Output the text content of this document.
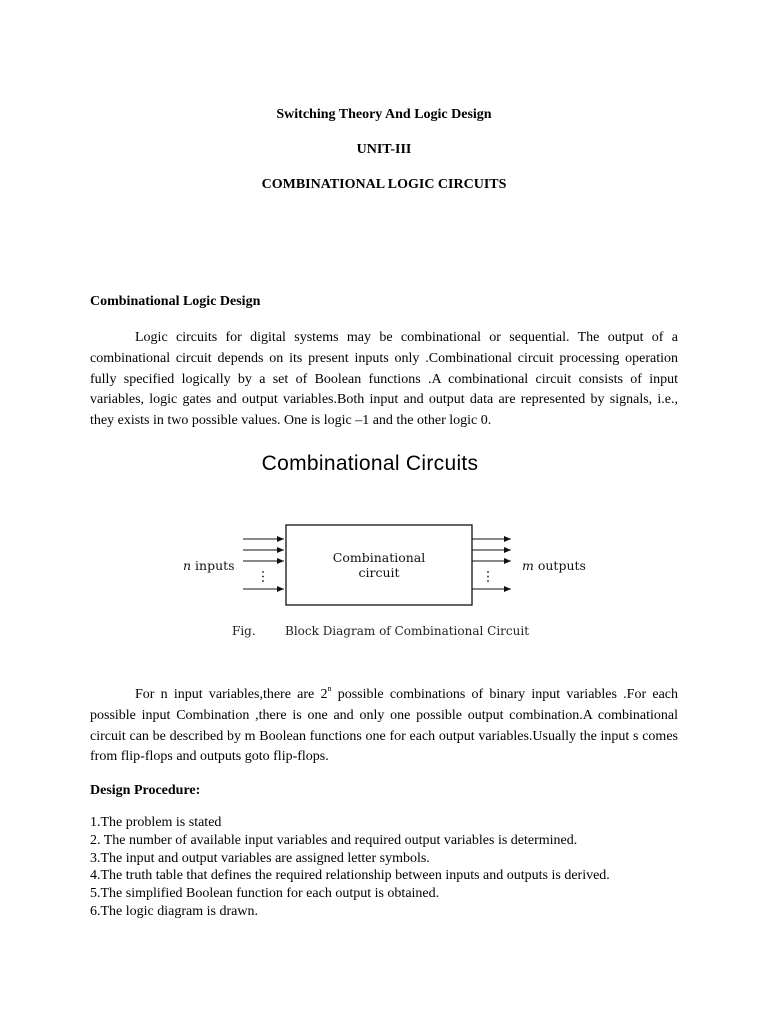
Switching Theory And Logic Design
UNIT-III
COMBINATIONAL LOGIC CIRCUITS
Combinational Logic Design
Logic circuits for digital systems may be combinational or sequential. The output of a combinational circuit depends on its present inputs only .Combinational circuit processing operation fully specified logically by a set of Boolean functions .A combinational circuit consists of input variables, logic gates and output variables.Both input and output data are represented by signals, i.e., they exists in two possible values. One is logic –1 and the other logic 0.
Combinational Circuits
Combinational
circuit
n inputs	m outputs
Fig. Block Diagram of Combinational Circuit
For n input variables,there are 2$^n$ possible combinations of binary input variables .For each possible input Combination ,there is one and only one possible output combination.A combinational circuit can be described by m Boolean functions one for each output variables.Usually the input s comes from flip-flops and outputs goto flip-flops.
Design Procedure:
1.The problem is stated
2. The number of available input variables and required output variables is determined.
3.The input and output variables are assigned letter symbols.
4.The truth table that defines the required relationship between inputs and outputs is derived.
5.The simplified Boolean function for each output is obtained.
6.The logic diagram is drawn.
